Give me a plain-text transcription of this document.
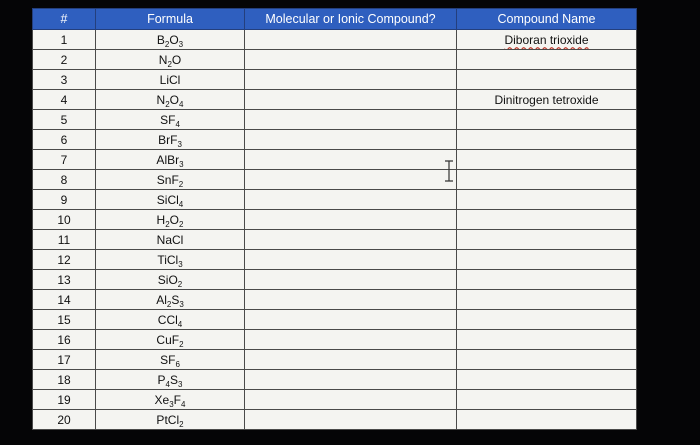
#	Formula	Molecular or Ionic Compound?	Compound Name
1	$B_2O_3$		Diboran trioxide
2	$N_2O$		
3	LiCl		
4	$N_2O_4$		Dinitrogen tetroxide
5	$SF_4$		
6	BrF$_3$		
7	AlBr$_3$		
8	SnF$_2$		
9	SiCl$_4$		
10	$H_2O_2$		
11	NaCl		
12	TiCl$_3$		
13	SiO$_2$		
14	$Al_2S_3$		
15	CCl$_4$		
16	CuF$_2$		
17	$SF_6$		
18	$P_4S_3$		
19	$Xe_3F_4$		
20	PtCl$_2$		
